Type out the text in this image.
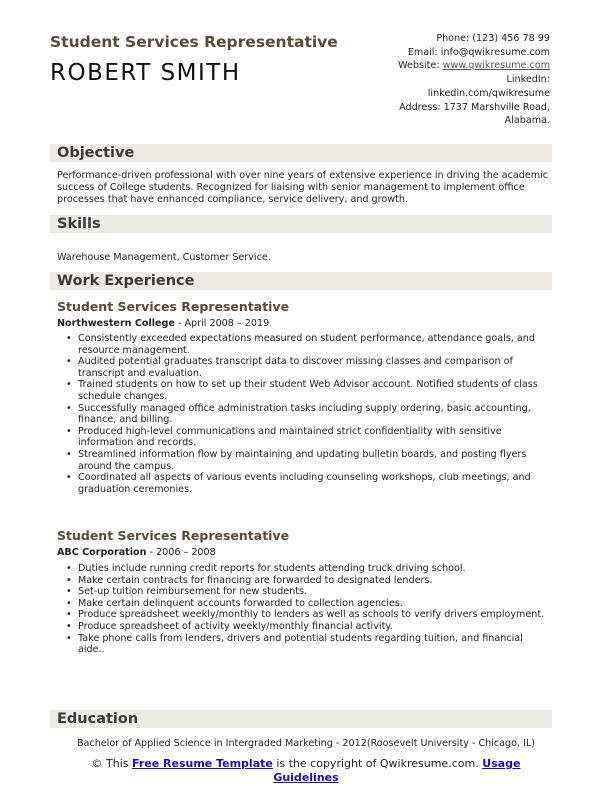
Student Services Representative
ROBERT SMITH
Phone: (123) 456 78 99
Email: info@qwikresume.com
Website: www.qwikresume.com
LinkedIn:
linkedin.com/qwikresume
Address: 1737 Marshville Road,
Alabama.
Objective
Performance-driven professional with over nine years of extensive experience in driving the academic success of College students. Recognized for liaising with senior management to implement office processes that have enhanced compliance, service delivery, and growth.
Skills
Warehouse Management, Customer Service.
Work Experience
Student Services Representative
Northwestern College - April 2008 – 2019
• Consistently exceeded expectations measured on student performance, attendance goals, and resource management.
• Audited potential graduates transcript data to discover missing classes and comparison of transcript and evaluation.
• Trained students on how to set up their student Web Advisor account. Notified students of class schedule changes.
• Successfully managed office administration tasks including supply ordering, basic accounting, finance, and billing.
• Produced high-level communications and maintained strict confidentiality with sensitive information and records.
• Streamlined information flow by maintaining and updating bulletin boards, and posting flyers around the campus.
• Coordinated all aspects of various events including counseling workshops, club meetings, and graduation ceremonies.
Student Services Representative
ABC Corporation - 2006 – 2008
• Duties include running credit reports for students attending truck driving school.
• Make certain contracts for financing are forwarded to designated lenders.
• Set-up tuition reimbursement for new students.
• Make certain delinquent accounts forwarded to collection agencies.
• Produce spreadsheet weekly/monthly to lenders as well as schools to verify drivers employment.
• Produce spreadsheet of activity weekly/monthly financial activity.
• Take phone calls from lenders, drivers and potential students regarding tuition, and financial aide..
Education
Bachelor of Applied Science in Intergraded Marketing - 2012(Roosevelt University - Chicago, IL)
© This Free Resume Template is the copyright of Qwikresume.com. Usage Guidelines
